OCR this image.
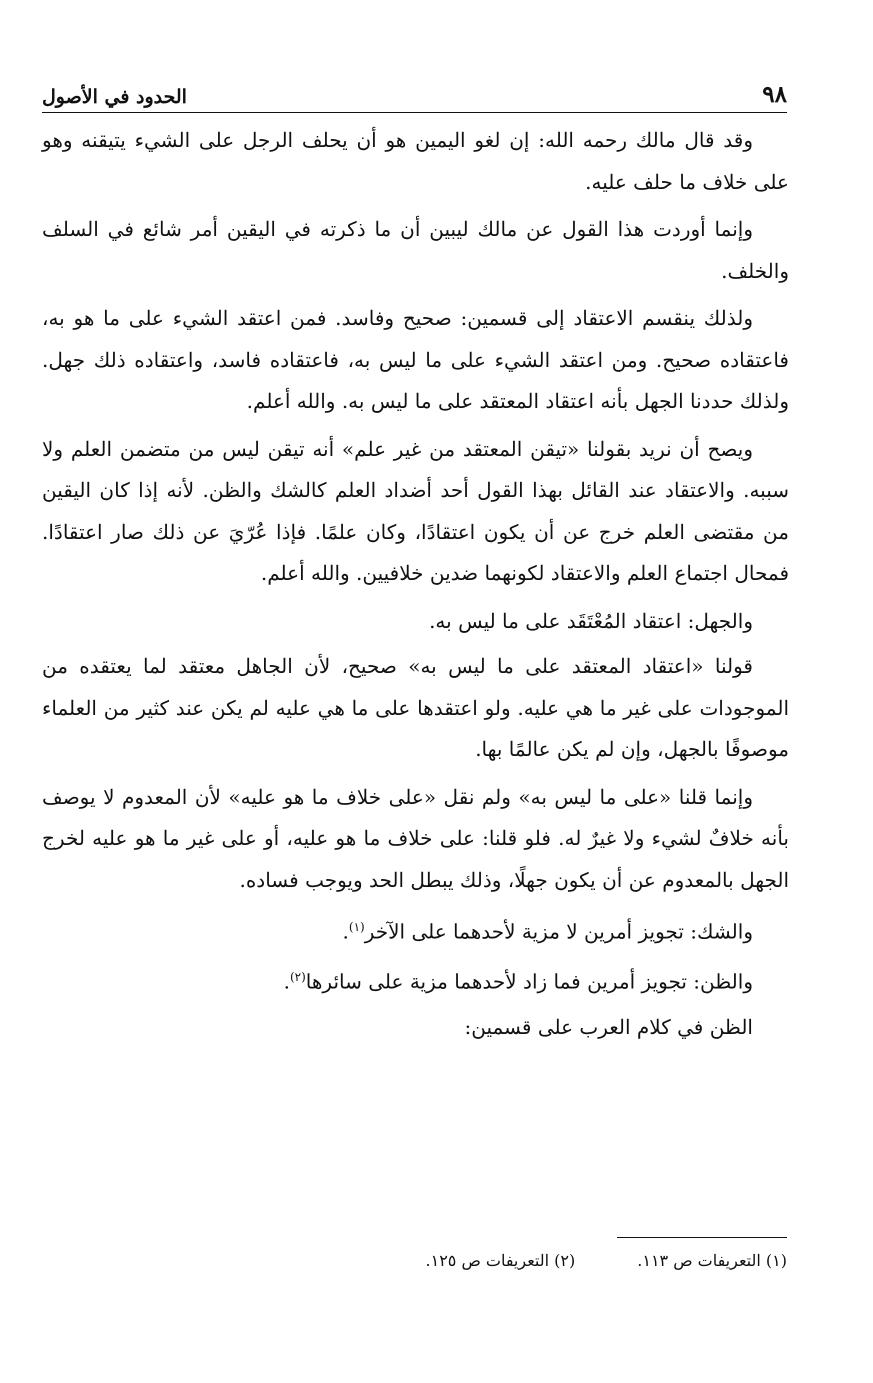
٩٨
الحدود في الأصول

وقد قال مالك رحمه الله: إن لغو اليمين هو أن يحلف الرجل على الشيء يتيقنه وهو على خلاف ما حلف عليه.

وإنما أوردت هذا القول عن مالك ليبين أن ما ذكرته في اليقين أمر شائع في السلف والخلف.

ولذلك ينقسم الاعتقاد إلى قسمين: صحيح وفاسد. فمن اعتقد الشيء على ما هو به، فاعتقاده صحيح. ومن اعتقد الشيء على ما ليس به، فاعتقاده فاسد، واعتقاده ذلك جهل. ولذلك حددنا الجهل بأنه اعتقاد المعتقد على ما ليس به. والله أعلم.

ويصح أن نريد بقولنا «تيقن المعتقد من غير علم» أنه تيقن ليس من متضمن العلم ولا سببه. والاعتقاد عند القائل بهذا القول أحد أضداد العلم كالشك والظن. لأنه إذا كان اليقين من مقتضى العلم خرج عن أن يكون اعتقادًا، وكان علمًا. فإذا عُرّيَ عن ذلك صار اعتقادًا. فمحال اجتماع العلم والاعتقاد لكونهما ضدين خلافيين. والله أعلم.

والجهل: اعتقاد المُعْتَقَد على ما ليس به.

قولنا «اعتقاد المعتقد على ما ليس به» صحيح، لأن الجاهل معتقد لما يعتقده من الموجودات على غير ما هي عليه. ولو اعتقدها على ما هي عليه لم يكن عند كثير من العلماء موصوفًا بالجهل، وإن لم يكن عالمًا بها.

وإنما قلنا «على ما ليس به» ولم نقل «على خلاف ما هو عليه» لأن المعدوم لا يوصف بأنه خلافٌ لشيء ولا غيرٌ له. فلو قلنا: على خلاف ما هو عليه، أو على غير ما هو عليه لخرج الجهل بالمعدوم عن أن يكون جهلًا، وذلك يبطل الحد ويوجب فساده.

والشك: تجويز أمرين لا مزية لأحدهما على الآخر$^{(١)}$.

والظن: تجويز أمرين فما زاد لأحدهما مزية على سائرها$^{(٢)}$.

الظن في كلام العرب على قسمين:

(١) التعريفات ص ١١٣.
(٢) التعريفات ص ١٢٥.
